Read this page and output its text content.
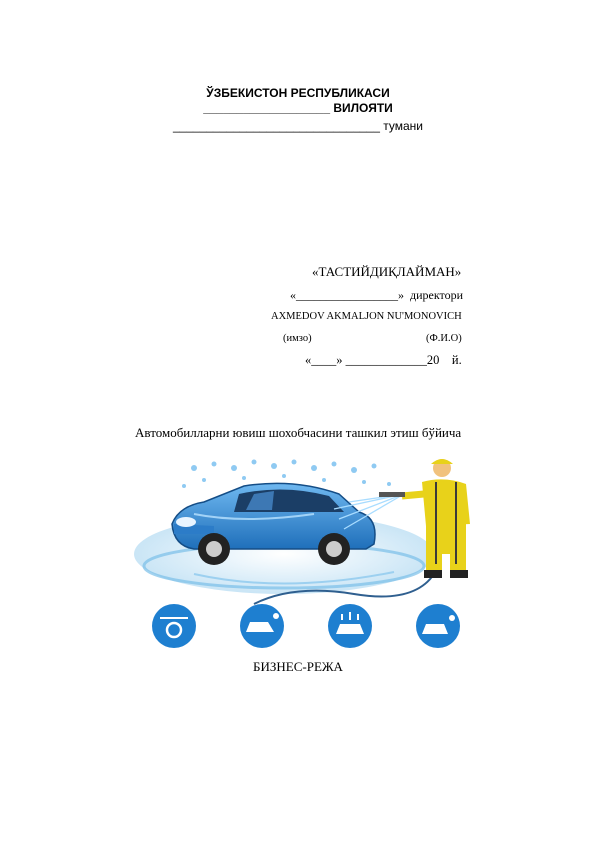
ЎЗБЕКИСТОН РЕСПУБЛИКАСИ
___________________ ВИЛОЯТИ
_______________________________ тумани
«ТАСТИЙДИҚЛАЙМАН»
«_________________» директори
AXMEDOV AKMALJON NU'MONOVICH
(имзо)	(Ф.И.О)
«____» _____________20    й.
Автомобилларни ювиш шохобчасини ташкил этиш бўйича
БИЗНЕС-РЕЖА
